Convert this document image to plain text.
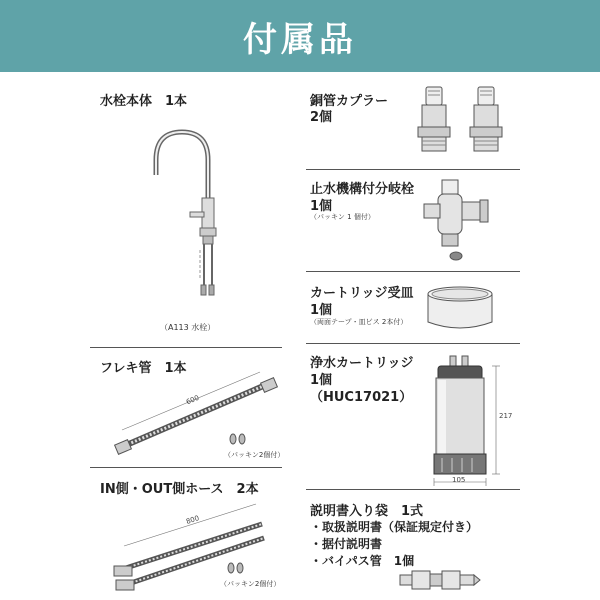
付属品
水栓本体　1本
（A113 水栓）
銅管カプラー
2個
止水機構付分岐栓
1個
（パッキン 1 個付）
カートリッジ受皿
1個
（両面テープ・皿ビス 2本付）
フレキ管　1本
600
（パッキン2個付）
浄水カートリッジ
1個
（HUC17021）
217
105
IN側・OUT側ホース　2本
800
（パッキン2個付）
説明書入り袋　1式
・取扱説明書（保証規定付き）
・据付説明書
・バイパス管　1個
